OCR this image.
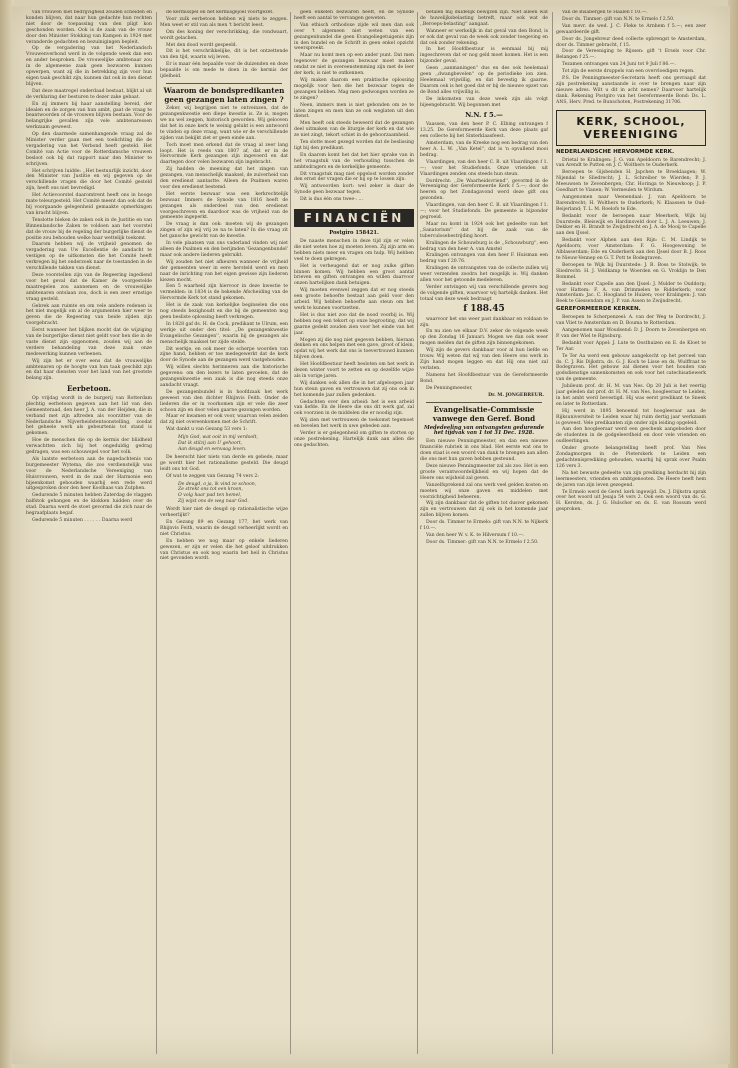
van vrouwen met bedrijvigheid zouden scheiden en konden blijven, dat naar hun gedachte hun rechten niet door de toepassing van den pligt kon geschonden worden. Ook is de zaak van de vrouw door den Minister Stokking van Kampen in 1924 met veranderde gedachten en bezuinigingen bepleit.

Op de vergadering van het Nederlandsch Vrouwenverbond werd in de volgende week dan een en ander besproken. De vrouwelijke ambtenaar zou in de algemeene zaak geen bezwaren kunnen opwerpen, want zij die in betrekking zijn voor hun eigen taak geschikt zijn, kunnen dat ook in den dienst blijven.

Dat deze maatregel onderdaad bestaat, blijkt al uit de verklaring der besturen te dezer zake gebaat.

En zij immers bij haar aanstelling bereid, der idealen en de zorgen van hun ambt, gaat de vraag te beantwoorden of de vrouwen blijven bestaan. Voor de belangrijke gevallen zijn vele ambtenaressen werkzaam geweest.

Op den daarmede samenhangende vraag zal de Minister verder gaan met een toelichting die de vergadering van het Verbond heeft gesteld. Het Comité van Actie voor de Rotterdamsche vrouwen besloot ook bij dat rapport naar den Minister te schrijven.

Het schrijven luidde: ,,Het bestuurlijk inzicht, door den Minister van Justitie en wij gegeven op de verschillende vragen die door het Comité gesteld zijn, heeft ons niet bevredigd.

Het Actievoorstel daaromtrent heeft ons in hooge mate teleurgesteld. Het Comité meent dan ook dat de bij voorgaande gelegenheid gemaakte opmerkingen van kracht blijven.

Tenslotte bleken de zaken ook in de Justitie en van Binnenlandsche Zaken te voldoen aan het voorstel dat de vrouw bij de regeling der burgerlijke dienst de positie zou behouden welke haar wettelijk toekomt.

Daarom hebben wij de vrijheid genomen de vergadering van Uw Excellentie de aandacht te vestigen op de uitkomsten die het Comité heeft verkregen bij het onderzoek naar de toestanden in de verschillende takken van dienst.

Deze voorstellen zijn van de Regeering ingediend voor het geval dat de Kamer de voorgestelde maatregelen zou aannemen en de vrouwelijke ambtenaren ontslaan zou, doch is een zeer ernstige vraag gesteld.

Gebrek aan ruimte en om vele andere redenen is het niet mogelijk om al de argumenten hier weer te geven die de Regeering van beide zijden zijn voorgebracht.

Eerst wanneer het blijken mocht dat de wijziging van de burgerlijke dienst niet geldt voor hen die in de vaste dienst zijn opgenomen, zouden wij aan de verdere behandeling van deze zaak onze medewerking kunnen verleenen.

Wij zijn het er over eens dat de vrouwelijke ambtenaren op de hoogte van hun taak geschikt zijn en dat haar diensten voor het land van het grootste belang zijn.

Eerbetoon.

Op vrijdag wordt in de burgerij van Rotterdam plechtig eerbetoon gegeven aan het lid van den Gemeenteraad, den heer J. A. van der Heijden, die in verband met zijn aftreden als voorzitter van de Nederlandsche Nijverheidstentoonstelling, zoodat het geheele werk als gebeurtenis tot stand is gekomen.

Hoe de menschen die op de kermis der bliidheid verwachtten zich bij het ongeduldig gedrag gedragen, was een schouwspel voor het volk.

Als laatste eerbetoon aan de nagedachtenis van burgemeester Wytema, die zoo verdienstelijk was voor de Nederlandsche Vereeniging van Huisvrouwen, werd in de zaal der Harmonie een bijeenkomst gehouden waarbij een rede werd uitgesproken door den heer Koolhaas van Zutphen.

Gedurende 5 minuten hebben Zaterdag de vlaggen halfstok gehangen en de klokken luidden over de stad. Daarna werd de stoet gevormd die zich naar de begraafplaats begaf.

Gedurende 5 minuten . . . . . . Daarna werd

de kermisspel en het kermisgejoel voortgezet.

Voor zulk eerbetoon hebben wij niets te zeggen. Men weet er stil van als men 't bericht leest.

Om des koning der verschrikking, die rondwaart, wordt gelachen.

Met den dood wordt gespeeld.

Dit is het verschrikkelijke, dit is het ontzettende van den tijd, waarin wij leven.

Er is maar één bepaalde voor de duizenden en deze bepaalde is om mede te doen in de kermis der ijdelheid.

Waarom de bondspredikanten geen gezangen laten zingen ?

Zeker, wij begrijpen niet te ontveinzen, dat de gezangenkwestie een diepe kwestie is. Ze is, mogen we nu wel zeggen, historisch geworden. Wij gelooven dat het in onze kerk te weinig gelukt is een antwoord te vinden op deze vraag, want wie er de verschillende zijden van bekijkt ziet er geen einde aan.

Toch moet men erkend dat de vraag al zeer lang loopt. Het is reeds van 1807 af, dat er in de Hervormde Kerk gezangen zijn ingevoerd en dat daartegen door velen bezwaren zijn ingebracht.

Zij hadden de meening dat het zingen van gezangen, van menschelijk maaksel, de zuiverheid van den eredienst aantastte. Alleen de Psalmen waren voor den eredienst bestemd.

Het eerste bezwaar was een kerkrechtelijk bezwaar. Immers de Synode van 1816 heeft de gezangen als onderdeel van den eredienst voorgeschreven en daardoor was de vrijheid van de gemeente ingeperkt.

De vraag is dan ook: moeten wij de gezangen zingen of zijn wij vrij ze na te laten? In die vraag zit het gansche gewicht van de kwestie.

In vele plaatsen van ons vaderland vinden wij niet alleen de Psalmen en den berijmden 'Gezangenbundel' maar ook andere liederen gebruikt.

Wij zouden het niet afkeuren wanneer de vrijheid der gemeenten weer in eere hersteld werd en men naar de inrichting van het eigen gewisse zijn liederen kiezen mocht.

Een 5 waarheid zijn hiervoor in deze kwestie te vermelden: in 1834 is de bekende Afscheiding van de Hervormde Kerk tot stand gekomen.

Het is de zaak van kerkelijke beginselen die ons nog steeds bezighoudt en die bij de gemeenten nog geen besliste oplossing heeft verkregen.

In 1828 gaf ds. H. de Cock, predikant te Ulrum, een werkje uit onder den titel: ,,De gezangenkwestie Evangelische Gezangen'', waarin hij de gezangen als menschelijk maaksel ter zijde stelde.

Dit werkje, en ook meer de scherpe woorden van zijne hand, hebben er toe medegewerkt dat de kerk door de Synode aan de gezangen werd vastgehouden.

Wij willen slechts herinneren aan die historische gegevens: om den lezers te laten gevoelen, dat de gezangenkwestie een zaak is die nog steeds onze aandacht vraagt.

De gezangenbundel is in hoofdzaak het werk geweest van den dichter Rhijnvis Feith. Onder de liederen die er in voorkomen zijn er vele die zeer schoon zijn en door velen gaarne gezongen worden.

Maar er kwamen er ook voor, waarvan velen zeiden dat zij niet overeenkomen met de Schrift.

Wat dankt u van Gezang 53 vers 1:

Mijn God, wat ooit in mij verdoolt,
Dat ik stilzij aan U gehoort,
Aan deugd en eenvaag leven.

De heerscht hier niets van derde en gebede, maar ge wordt hier het rationalisme gesteld. Die deugd leidt ons tot God.

Of wat te zeggen van Gezang 74 vers 2:

De deugd, o ja, ik vind ze schoon,
Ze strekt ons tot een kroon,
O volg haar pad ten hemel,
Zij wijst ons de weg naar God.

Wordt hier niet de deugd op rationalistische wijze verheerlijkt?

En Gezang 89 en Gezang 177, het werk van Rhijnvis Feith, waarin de deugd verheerlijkt wordt en niet Christus.

En hebben we nog maar op enkele liederen gewezen, er zijn er velen die het geloof uitdrukken van Christus en ook nog waarin het heil in Christus niet gevonden wordt.

geen enkelen bezwaren heeft, en de Synode heeft een aantal te vervangen geweten.

Van ethisch orthodoxe zijde wil men dan ook over 't algemeen niet weten van een gezangenbundel die geen Evangeliegetuigenis zijn in den bundel en de Schrift in geen enkel opzicht weerspreekt.

Maar nu komt men op een ander punt. Dat men tegenover de gezangen bezwaar moet maken omdat ze niet in overeenstemming zijn met de leer der kerk, is niet te ontkennen.

Wij maken daarom een praktische oplossing mogelijk voor hen die het bezwaar tegen de gezangen hebben. Mag men gedwongen worden ze te zingen?

Neen, immers men is niet gebonden om ze te laten zingen en men kan ze ook weglaten uit den dienst.

Men heeft ook steeds beweerd dat de gezangen deel uitmaken van de liturgie der kerk en dat wie ze niet zingt, tekort schiet in de gehoorzaamheid.

Ten slotte moet gezegd worden dat de beslissing ligt bij den predikant.

En daarom komt het dat het hier sprake van in het vraagstuk van de verhouding tusschen de ambtsdragers en de kerkelijke gemeente.

Dit vraagstuk mag niet opgelost worden zonder den ernst der vragen die er bij op te lossen zijn.

Wij antwoorden kort: wel zeker is daar de Synode geen bezwaar tegen.

Dit is dus één ons twee-. ...

FINANCIËN
Postgiro 158421.

De naaste menschen in deze tijd zijn er velen die niet weten hoe zij moeten leven. Zij zijn arm en hebben niets meer en vragen om hulp. Wij hebben veel te doen gekregen.

Het is verheugend dat er nog zulke giften binnen komen. Wij hebben een groot aantal brieven en giften ontvangen en willen daarvoor onzen hartelijken dank betuigen.

Wij moeten evenwel zeggen dat er nog steeds een groote behoefte bestaat aan geld voor den arbeid. Wij hebben behoefte aan steun om het werk te kunnen voortzetten.

Het is dus niet zoo dat de nood voorbij is. Wij hebben nog een tekort op onze begrooting, dat wij gaarne gedekt zouden zien voor het einde van het jaar.

Mogen zij die nog niet gegeven hebben, hieraan denken en ons helpen met een gave, groot of klein, opdat wij het werk dat ons is toevertrouwd kunnen blijven doen.

Het Hoofdbestuur heeft besloten om het werk in dezen winter voort te zetten en op dezelfde wijze als in vorige jaren.

Wij danken ook allen die in het afgeloopen jaar hun steun gaven en vertrouwen dat zij ons ook in het komende jaar zullen gedenken.

Gedachten over den arbeid: het is een arbeid van liefde. En de Heere die ons dit werk gaf, zal ook voorzien in de middelen die er noodig zijn.

Wij zien met vertrouwen de toekomst tegemoet en bevelen het werk in uwe gebeden aan.

Verder is er gelegenheid om giften te storten op onze postrekening. Hartelijk dank aan allen die ons gedachten.

betalen mij duidelijk bewijzen zijn. Niet alleen wat de huwelijksbelasting betreft, maar ook wat de ,,Beroeps-belasting'' aangaat.

Wanneer er werkelijk in dat geval van den Bond, is er ook dat geval van de week ook zonder toegeving en dat ook zonder rekening.

In het Hoofdbestuur is eenmaal bij mij ingeschreven dat er nog geld moet komen. Het is een bijzonder geval.

Geen ,,aanmaningen'' dus en des ook heelemaal geen ,,dwangbevelen'' op de periodieke ion zien. Heelemaal vrijwillig, en dat bevestig ik gaarne. Daarom ook is het goed dat er bij de nieuwe opzet van de Bond alles vrijwillig is.

De inkomsten van deze week zijn als volgt bijeengebracht. Wij begonnen met

N.N. f 5.—

Vaassen, van den heer P. C. Elbing ontvangen f 13.25. De Gereformeerde Kerk van deze plaats gaf een collecte bij het Sinterklaasfeest.

Amsterdam, van de Kreeke nog een bedrag van den heer A. L. W. ,,Van Ketel'', dat is 'n opvallend mooi bedrag.

Vlaardingen, van den heer C. B. uit Vlaardingen f 1.—; voor het Studiefonds. Onze vrienden uit Vlaardingen zenden ons steeds hun steun.

Dordrecht: ,,De Waarheidsvriend'', gevormd in de Vereeniging der Gereformeerde Kerk f 5.—; door de heeren op het Zondagavond werd deze gift ons gezonden.

Vlaardingen, van den heer C. B. uit Vlaardingen f 1.—; voor het Studiefonds. De gemeente is bijzonder gegroeid.

Maar nu komt in 1924 ook het gedeelte van het ,,Sanatorium'' dat bij de zaak van de tuberculosebestrijding hoort.

Kralingen de Schouwburg is de ,,Schouwburg'', een bedrag van den heer A. van Amstel

Kralingen ontvangen van den heer F. Huisman een bedrag van f 20.76.

Kralingen de ontvangsten van de collecte zullen wij weer verzenden zoodra het mogelijk is. Wij danken allen voor het getoonde medeleven.

Verder ontvingen wij van verschillende gevers nog de volgende giften, waarvoor wij hartelijk danken. Het totaal van deze week bedraagt

f 188.45

waarvoor het ons weer past dankbaar en voldaan te zijn.

En nu zien we elkaar D.V. zeker de volgende week op den Zondag 16 Januari. Mogen we dan ook weer mogen melden dat de giften zijn binnengekomen.

Wij zijn de gevers dankbaar voor al hun liefde en trouw. Wij weten dat wij van den Heere ons werk in Zijn hand mogen leggen en dat Hij ons niet zal verlaten.

Namens het Hoofdbestuur van de Gereformeerde Bond.

De Penningmeester,

Dr. M. JONGEBREUR.
Evangelisatie-Commissie vanwege den Geref. Bond
Mededeeling van ontvangsten gedurende het tijdvak van 1 tot 31 Dec. 1928.

Een nieuwe Penningmeester, en dan een nieuwe financiële rubriek in ons blad. Het eerste wat ons te doen staat is een woord van dank te brengen aan allen die ons met hun gaven hebben gesteund.

Deze nieuwe Penningmeester zal als zoo. Het is een groote verantwoordelijkheid en wij hopen dat de Heere ons wijsheid zal geven.

Vanzelfsprekend zal ons werk veel gelden kosten en moeten wij onze gaven en middelen met voorzichtigheid beheeren.

Wij zijn dankbaar dat de giften tot dusver gekomen zijn en vertrouwen dat zij ook in het komende jaar zullen blijven komen.

Door ds. Timmer te Ermelo: gift van N.N. te Nijkerk f 10.—.

Van den heer W. v. K. te Hilversum f 10.—.

Door ds. Timmer: gift van N.N. te Ermelo f 2.50.

Van de Bisabergen te Haalen f 10.—.

Door ds. Timmer: gift van N.N. te Ermelo f 2.50.

Van mevr. de wed. J. C. Fleke te Arnhem f 5.—; een zeer gewaardeerde gift.

Door ds. Jongebreur deed collecte opbrengst te Amsterdam, door ds. Timmer gebracht, f 15.

Door de Vereeniging te Rijssen: gift 't Ersels voor Chr. Belangen f 25.—.

Tezamen ontvangen van 24 Juni tot 9 Juli f 86.—.

Tot zijn de eerste druppels van een overvloedigen regen.

P.S. De Penningmeester-Secretaris heeft ons gevraagd dat zijn postrekening aanstaande is over te brengen naar zijn nieuwe adres. Wilt u dit in acht nemen? Daarvoor hartelijk dank. Rekening Postgiro van het Gereformeerde Bond: Ds. L. ANS, Herv. Pred. te Bunschoten, Postrekening 31706.

KERK, SCHOOL, VEREENIGING
NEDERLANDSCHE HERVORMDE KERK.

Drietal te Kralingen: J. G. van Apeldoorn te Barendrecht; J. van Arendt te Putten en J. C. Wolthers te Ouderkerk.

Beroepen te Gijsbenden H. Japchen te Broeklaagen; W. Nijendal te Sliedrecht; J. L. Schreiber te Wierden; P. J. Meeuwsen te Zevenbergen; Chr. Horinga te Nieuwkoop; J. P. Goedhart te Vianen; W. Vermeulen te Wirdum.

Aangenomen naar Veenendaal: J. van Apeldoorn te Barendrecht; H. Wolthers te Ouderkerk; N. Klaassen te Oud-Beijerland; T. L. M. Roelofs te Ede.

Bedankt voor de beroepen naar Meerkerk, Wijk bij Duurstede, Bleiswijk en Hardinxveld door L. J. A. Leeuwen; J. Dekker en H. Brandt te Zwijndrecht en J. A. de Mooij te Capelle aan den IJssel.

Bedankt voor Alphen aan den Rijn: C. M. Lindijk te Apeldoorn; voor Amsterdam: F. G. Hoogewoning te Alblasserdam; Ede en Ouderkerk aan den IJssel door B. J. Roos te Nieuw-Vennep en G. T. Pott te Bodegraven.

Beroepen te Wijk bij Duurstede: J. B. Boss te Stolwijk; te Sliedrecht: H. J. Veldkamp te Woerden en G. Vroklijn te Den Bommel.

Bedankt voor Capelle aan den IJssel: J. Mulder te Ouddorp; voor Hattem: F. A. van Drimmelen te Ridderkerk; voor Amsterdam: Jac. C. Hoogland te Huizen; voor Kralingen: J. van Beek te Giessendam en J. P. van Assen te Zwijndrecht.

GEREFORMEERDE KERKEN.

Beroepen te Scherpenzeel: A. van der Weg te Dordrecht, J. van Vliet te Amsterdam en D. Bouma te Rotterdam.

Aangenomen naar Woudsend: D. J. Doorn te Zevenbergen en P. van der Wiel te Rijnsburg.

Bedankt voor Appel: J. Lute te Oosthuizen en E. de Kloet te Ter Aar.

Te Ter Aa werd een gebouw aangekocht op het perceel van ds. C. J. Ris Dijkstra, ds. G. J. Koch te Lisse en ds. Wulffraat te Bodegraven. Het gebouw zal dienen voor het houden van godsdienstige samenkomsten en ook voor het catechisatiewerk van de gemeente.

Jubileum prof. dr. H. M. van Nes. Op 20 Juli is het veertig jaar geleden dat prof. dr. H. M. van Nes, hoogleeraar te Leiden, in het ambt werd bevestigd. Hij was eerst predikant te Sneek en later te Rotterdam.

Hij werd in 1895 benoemd tot hoogleeraar aan de Rijksuniversiteit te Leiden waar hij ruim dertig jaar werkzaam is geweest. Vele predikanten zijn onder zijn leiding opgeleid.

Aan den hoogleeraar werd een geschenk aangeboden door de studenten in de godgeleerdheid en door vele vrienden en oudleerlingen.

Onder groote belangstelling heeft prof. Van Nes Zondagmorgen in de Pieterskerk te Leiden een gedachtenisprediking gehouden, waarbij hij sprak over Psalm 126 vers 3.

Na het bewuste gedeelte van zijn prediking herdacht hij zijn leermeesters, vrienden en ambtgenooten. De Heere heeft hem de jaren van zijn leven gezegend.

Te Ermelo werd de Geref. kerk ingewijd. Ds. J. Dijkstra sprak over het woord uit Jesaja 54 vers 2. Ook een woord van ds. G. H. Kersten, ds. J. G. Hulscher en ds. E. van Rossum werd gesproken.
